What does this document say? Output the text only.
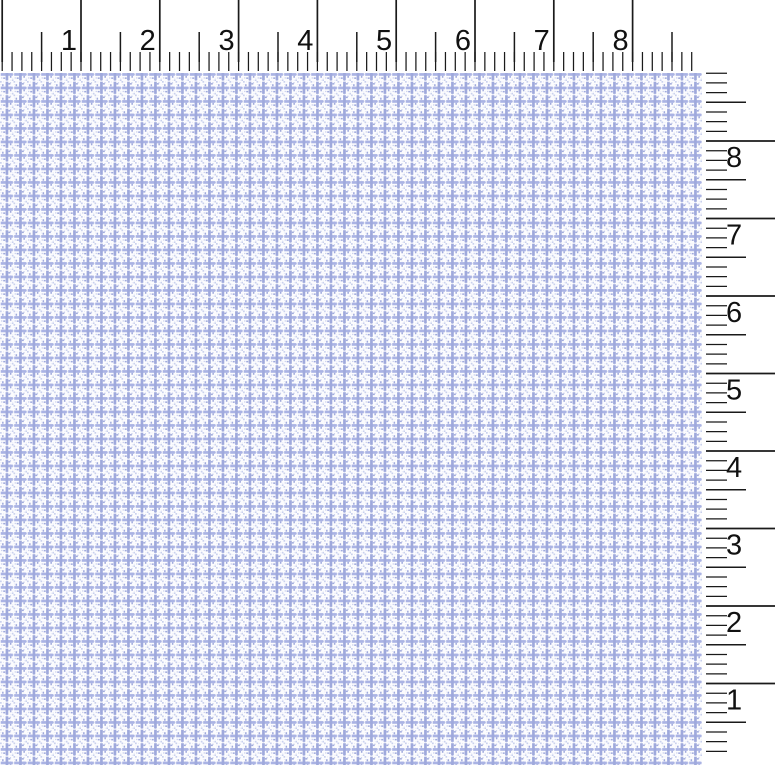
1 2 3 4 5 6 7 8
1
2
3
4
5
6
7
8
